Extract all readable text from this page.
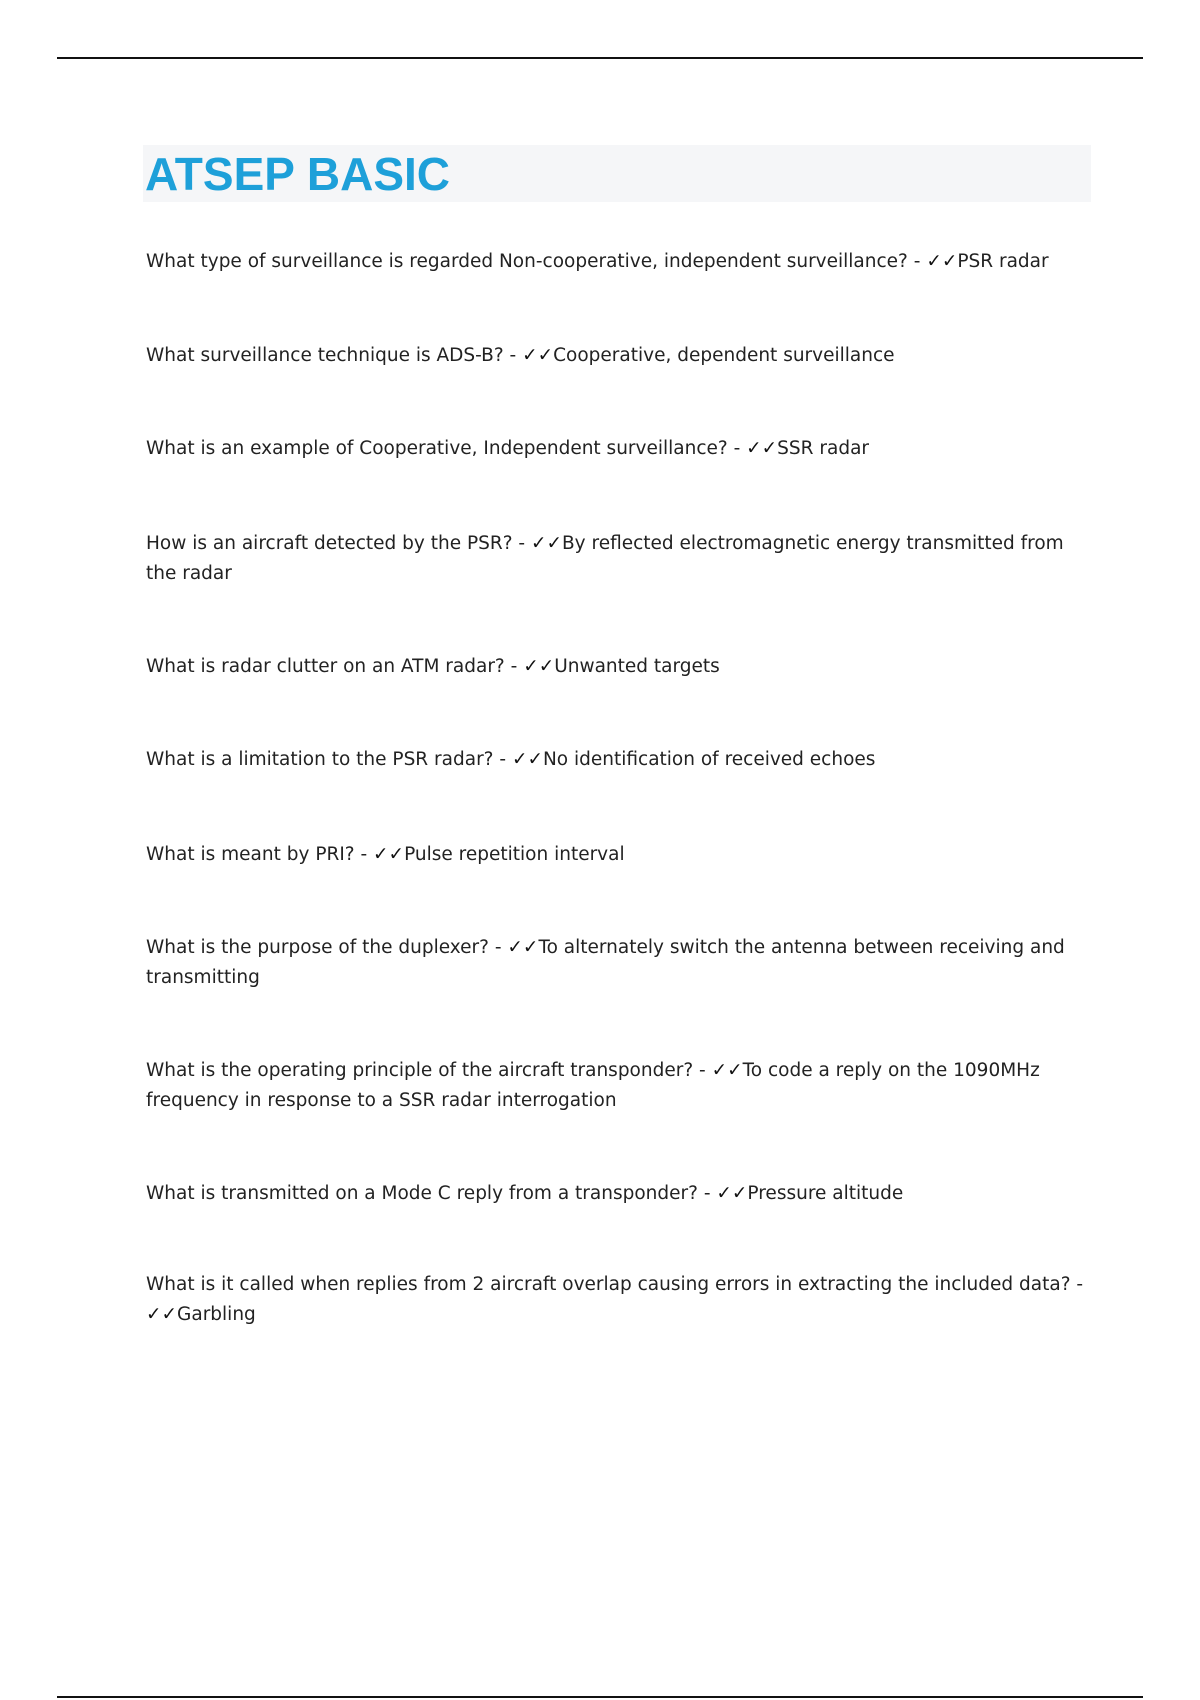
ATSEP BASIC

What type of surveillance is regarded Non-cooperative, independent surveillance? - ✓✓PSR radar

What surveillance technique is ADS-B? - ✓✓Cooperative, dependent surveillance

What is an example of Cooperative, Independent surveillance? - ✓✓SSR radar

How is an aircraft detected by the PSR? - ✓✓By reflected electromagnetic energy transmitted from the radar

What is radar clutter on an ATM radar? - ✓✓Unwanted targets

What is a limitation to the PSR radar? - ✓✓No identification of received echoes

What is meant by PRI? - ✓✓Pulse repetition interval

What is the purpose of the duplexer? - ✓✓To alternately switch the antenna between receiving and transmitting

What is the operating principle of the aircraft transponder? - ✓✓To code a reply on the 1090MHz frequency in response to a SSR radar interrogation

What is transmitted on a Mode C reply from a transponder? - ✓✓Pressure altitude

What is it called when replies from 2 aircraft overlap causing errors in extracting the included data? - ✓✓Garbling
